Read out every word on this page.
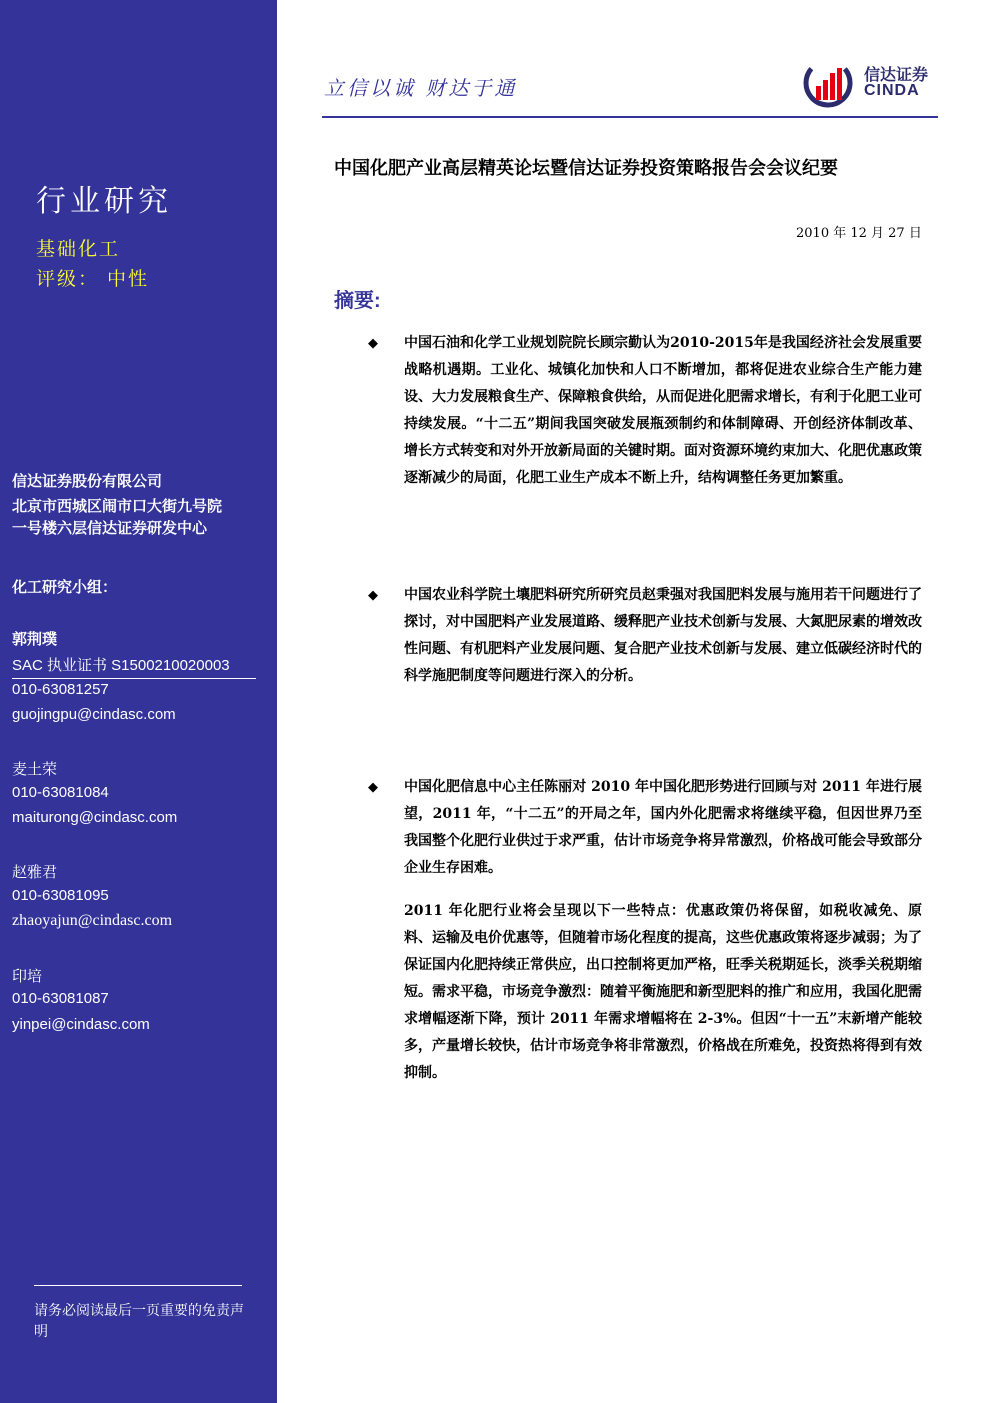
行业研究
基础化工
评级： 中性
信达证券股份有限公司
北京市西城区闹市口大街九号院
一号楼六层信达证券研发中心
化工研究小组：
郭荆璞
SAC 执业证书 S1500210020003
010-63081257
guojingpu@cindasc.com
麦土荣
010-63081084
maiturong@cindasc.com
赵雅君
010-63081095
zhaoyajun@cindasc.com
印培
010-63081087
yinpei@cindasc.com
请务必阅读最后一页重要的免责声明
立信以诚 财达于通
信达证券
CINDA
中国化肥产业高层精英论坛暨信达证券投资策略报告会会议纪要
2010 年 12 月 27 日
摘要:
◆ 中国石油和化学工业规划院院长顾宗勤认为2010-2015年是我国经济社会发展重要战略机遇期。工业化、城镇化加快和人口不断增加，都将促进农业综合生产能力建设、大力发展粮食生产、保障粮食供给，从而促进化肥需求增长，有利于化肥工业可持续发展。“十二五”期间我国突破发展瓶颈制约和体制障碍、开创经济体制改革、增长方式转变和对外开放新局面的关键时期。面对资源环境约束加大、化肥优惠政策逐渐减少的局面，化肥工业生产成本不断上升，结构调整任务更加繁重。
◆ 中国农业科学院土壤肥料研究所研究员赵秉强对我国肥料发展与施用若干问题进行了探讨，对中国肥料产业发展道路、缓释肥产业技术创新与发展、大氮肥尿素的增效改性问题、有机肥料产业发展问题、复合肥产业技术创新与发展、建立低碳经济时代的科学施肥制度等问题进行深入的分析。
◆ 中国化肥信息中心主任陈丽对 2010 年中国化肥形势进行回顾与对 2011 年进行展望，2011 年，“十二五”的开局之年，国内外化肥需求将继续平稳，但因世界乃至我国整个化肥行业供过于求严重，估计市场竞争将异常激烈，价格战可能会导致部分企业生存困难。
2011 年化肥行业将会呈现以下一些特点：优惠政策仍将保留，如税收减免、原料、运输及电价优惠等，但随着市场化程度的提高，这些优惠政策将逐步减弱；为了保证国内化肥持续正常供应，出口控制将更加严格，旺季关税期延长，淡季关税期缩短。需求平稳，市场竞争激烈：随着平衡施肥和新型肥料的推广和应用，我国化肥需求增幅逐渐下降，预计 2011 年需求增幅将在 2-3%。但因“十一五”末新增产能较多，产量增长较快，估计市场竞争将非常激烈，价格战在所难免，投资热将得到有效抑制。
